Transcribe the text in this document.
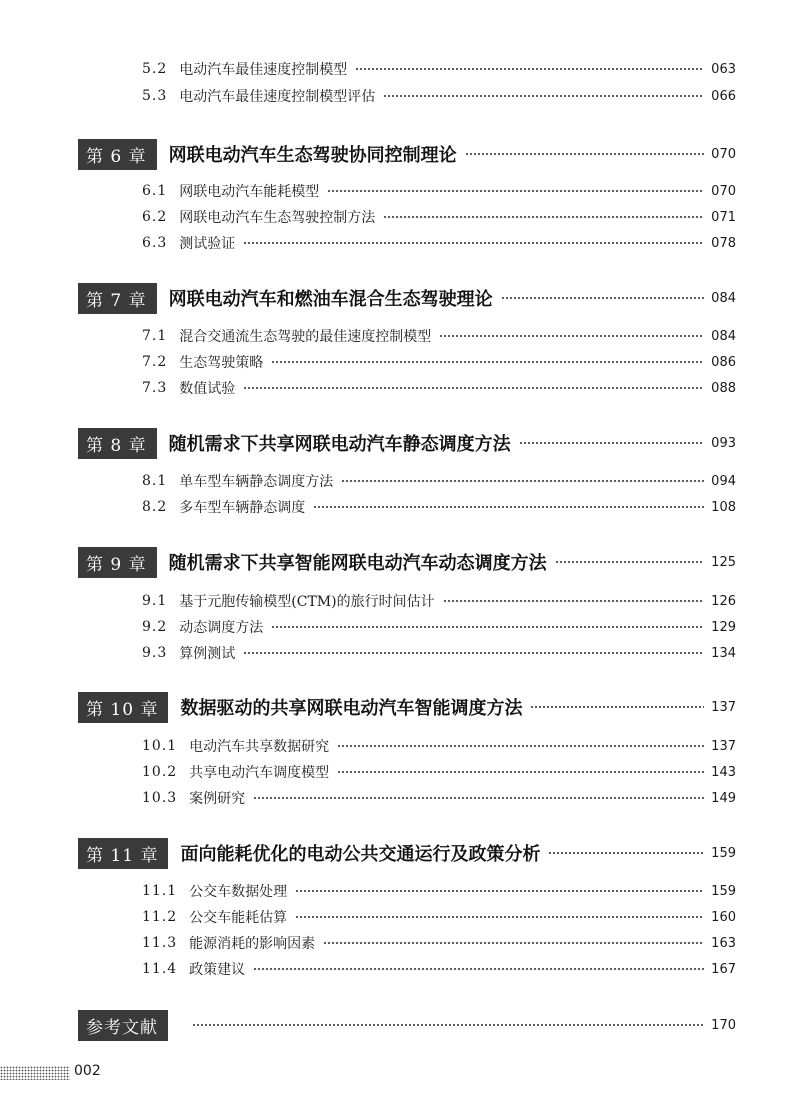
5.2 电动汽车最佳速度控制模型	063
5.3 电动汽车最佳速度控制模型评估	066
第 6 章	网联电动汽车生态驾驶协同控制理论	070
6.1 网联电动汽车能耗模型	070
6.2 网联电动汽车生态驾驶控制方法	071
6.3 测试验证	078
第 7 章	网联电动汽车和燃油车混合生态驾驶理论	084
7.1 混合交通流生态驾驶的最佳速度控制模型	084
7.2 生态驾驶策略	086
7.3 数值试验	088
第 8 章	随机需求下共享网联电动汽车静态调度方法	093
8.1 单车型车辆静态调度方法	094
8.2 多车型车辆静态调度	108
第 9 章	随机需求下共享智能网联电动汽车动态调度方法	125
9.1 基于元胞传输模型(CTM)的旅行时间估计	126
9.2 动态调度方法	129
9.3 算例测试	134
第 10 章	数据驱动的共享网联电动汽车智能调度方法	137
10.1 电动汽车共享数据研究	137
10.2 共享电动汽车调度模型	143
10.3 案例研究	149
第 11 章	面向能耗优化的电动公共交通运行及政策分析	159
11.1 公交车数据处理	159
11.2 公交车能耗估算	160
11.3 能源消耗的影响因素	163
11.4 政策建议	167
参考文献	170
002
